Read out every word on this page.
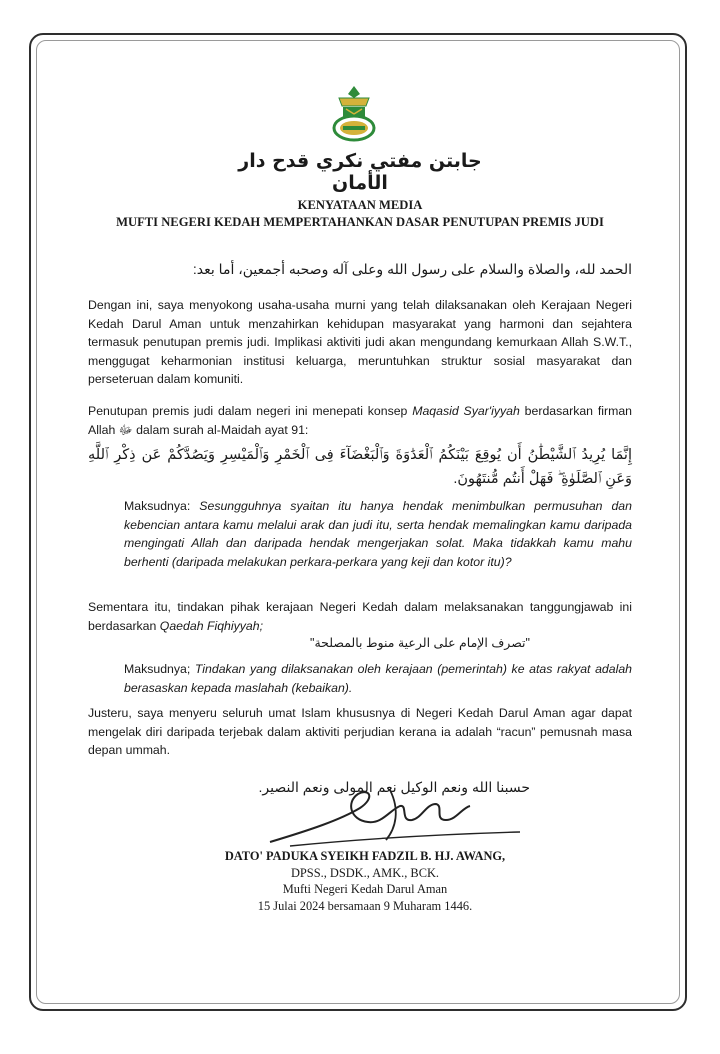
جابتن مفتي نكري قدح دار الأمان
KENYATAAN MEDIA
MUFTI NEGERI KEDAH MEMPERTAHANKAN DASAR PENUTUPAN PREMIS JUDI
الحمد لله، والصلاة والسلام على رسول الله وعلى آله وصحبه أجمعين، أما بعد:
Dengan ini, saya menyokong usaha-usaha murni yang telah dilaksanakan oleh Kerajaan Negeri Kedah Darul Aman untuk menzahirkan kehidupan masyarakat yang harmoni dan sejahtera termasuk penutupan premis judi. Implikasi aktiviti judi akan mengundang kemurkaan Allah S.W.T., menggugat keharmonian institusi keluarga, meruntuhkan struktur sosial masyarakat dan perseteruan dalam komuniti.
Penutupan premis judi dalam negeri ini menepati konsep Maqasid Syar'iyyah berdasarkan firman Allah ﷻ dalam surah al-Maidah ayat 91:
إِنَّمَا يُرِيدُ ٱلشَّيْطَٰنُ أَن يُوقِعَ بَيْنَكُمُ ٱلْعَدَٰوَةَ وَٱلْبَغْضَآءَ فِى ٱلْخَمْرِ وَٱلْمَيْسِرِ وَيَصُدَّكُمْ عَن ذِكْرِ ٱللَّهِ وَعَنِ ٱلصَّلَوٰةِ ۖ فَهَلْ أَنتُم مُّنتَهُونَ.
Maksudnya: Sesungguhnya syaitan itu hanya hendak menimbulkan permusuhan dan kebencian antara kamu melalui arak dan judi itu, serta hendak memalingkan kamu daripada mengingati Allah dan daripada hendak mengerjakan solat. Maka tidakkah kamu mahu berhenti (daripada melakukan perkara-perkara yang keji dan kotor itu)?
Sementara itu, tindakan pihak kerajaan Negeri Kedah dalam melaksanakan tanggungjawab ini berdasarkan Qaedah Fiqhiyyah;
"تصرف الإمام على الرعية منوط بالمصلحة"
Maksudnya; Tindakan yang dilaksanakan oleh kerajaan (pemerintah) ke atas rakyat adalah berasaskan kepada maslahah (kebaikan).
Justeru, saya menyeru seluruh umat Islam khususnya di Negeri Kedah Darul Aman agar dapat mengelak diri daripada terjebak dalam aktiviti perjudian kerana ia adalah “racun” pemusnah masa depan ummah.
حسبنا الله ونعم الوكيل نعم المولى ونعم النصير.
DATO' PADUKA SYEIKH FADZIL B. HJ. AWANG,
DPSS., DSDK., AMK., BCK.
Mufti Negeri Kedah Darul Aman
15 Julai 2024 bersamaan 9 Muharam 1446.
